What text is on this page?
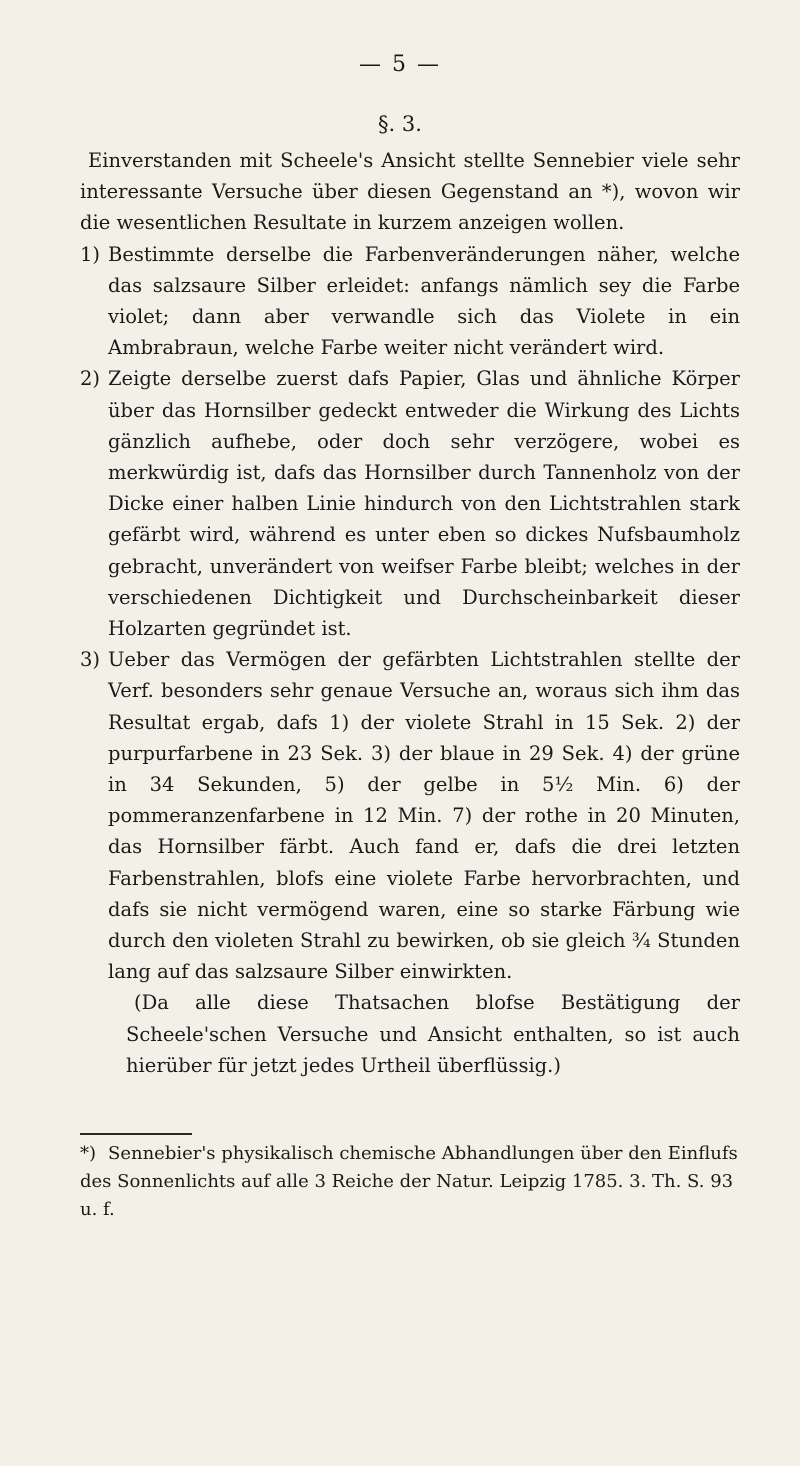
— 5 —
§. 3.

Einverstanden mit Scheele's Ansicht stellte Sennebier viele sehr interessante Versuche über diesen Gegenstand an *), wovon wir die wesentlichen Resultate in kurzem anzeigen wollen.

1) Bestimmte derselbe die Farbenveränderungen näher, welche das salzsaure Silber erleidet: anfangs nämlich sey die Farbe violet; dann aber verwandle sich das Violete in ein Ambrabraun, welche Farbe weiter nicht verändert wird.
2) Zeigte derselbe zuerst dafs Papier, Glas und ähnliche Körper über das Hornsilber gedeckt entweder die Wirkung des Lichts gänzlich aufhebe, oder doch sehr verzögere, wobei es merkwürdig ist, dafs das Hornsilber durch Tannenholz von der Dicke einer halben Linie hindurch von den Lichtstrahlen stark gefärbt wird, während es unter eben so dickes Nufsbaumholz gebracht, unverändert von weifser Farbe bleibt; welches in der verschiedenen Dichtigkeit und Durchscheinbarkeit dieser Holzarten gegründet ist.
3) Ueber das Vermögen der gefärbten Lichtstrahlen stellte der Verf. besonders sehr genaue Versuche an, woraus sich ihm das Resultat ergab, dafs 1) der violete Strahl in 15 Sek. 2) der purpurfarbene in 23 Sek. 3) der blaue in 29 Sek. 4) der grüne in 34 Sekunden, 5) der gelbe in 5½ Min. 6) der pommeranzenfarbene in 12 Min. 7) der rothe in 20 Minuten, das Hornsilber färbt. Auch fand er, dafs die drei letzten Farbenstrahlen, blofs eine violete Farbe hervorbrachten, und dafs sie nicht vermögend waren, eine so starke Färbung wie durch den violeten Strahl zu bewirken, ob sie gleich ¾ Stunden lang auf das salzsaure Silber einwirkten.

(Da alle diese Thatsachen blofse Bestätigung der Scheele'schen Versuche und Ansicht enthalten, so ist auch hierüber für jetzt jedes Urtheil überflüssig.)

*) Sennebier's physikalisch chemische Abhandlungen über den Einflufs des Sonnenlichts auf alle 3 Reiche der Natur. Leipzig 1785. 3. Th. S. 93 u. f.
